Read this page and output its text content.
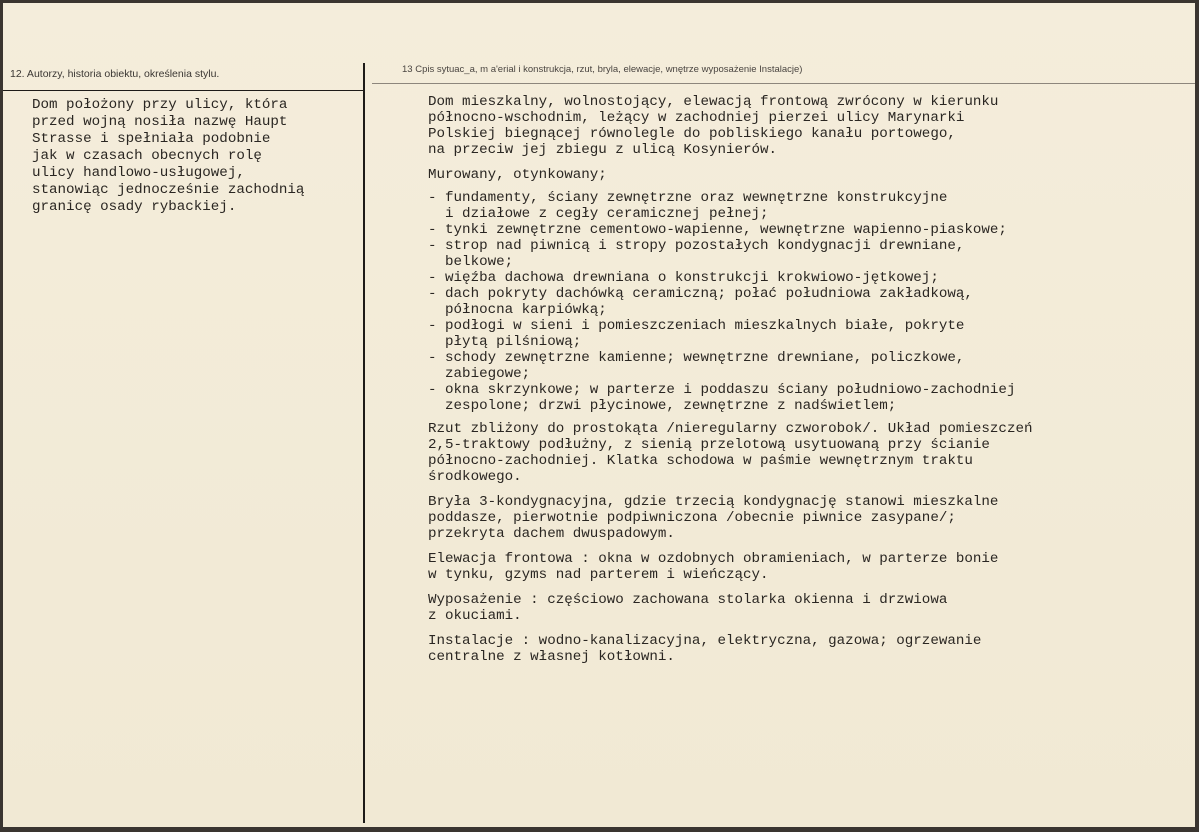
12. Autorzy, historia obiektu, określenia stylu.	13 Cpis sytuac_a, m a'erial i konstrukcja, rzut, bryla, elewacje, wnętrze wyposażenie Instalacje)
Dom położony przy ulicy, która
przed wojną nosiła nazwę Haupt
Strasse i spełniała podobnie
jak w czasach obecnych rolę
ulicy handlowo-usługowej,
stanowiąc jednocześnie zachodnią
granicę osady rybackiej.

Dom mieszkalny, wolnostojący, elewacją frontową zwrócony w kierunku
północno-wschodnim, leżący w zachodniej pierzei ulicy Marynarki
Polskiej biegnącej równolegle do pobliskiego kanału portowego,
na przeciw jej zbiegu z ulicą Kosynierów.

Murowany, otynkowany;

- fundamenty, ściany zewnętrzne oraz wewnętrzne konstrukcyjne
i działowe z cegły ceramicznej pełnej;
- tynki zewnętrzne cementowo-wapienne, wewnętrzne wapienno-piaskowe;
- strop nad piwnicą i stropy pozostałych kondygnacji drewniane,
belkowe;
- więźba dachowa drewniana o konstrukcji krokwiowo-jętkowej;
- dach pokryty dachówką ceramiczną; połać południowa zakładkową,
północna karpiówką;
- podłogi w sieni i pomieszczeniach mieszkalnych białe, pokryte
płytą pilśniową;
- schody zewnętrzne kamienne; wewnętrzne drewniane, policzkowe,
zabiegowe;
- okna skrzynkowe; w parterze i poddaszu ściany południowo-zachodniej
zespolone; drzwi płycinowe, zewnętrzne z nadświetlem;

Rzut zbliżony do prostokąta /nieregularny czworobok/. Układ pomieszczeń
2,5-traktowy podłużny, z sienią przelotową usytuowaną przy ścianie
północno-zachodniej. Klatka schodowa w paśmie wewnętrznym traktu
środkowego.

Bryła 3-kondygnacyjna, gdzie trzecią kondygnację stanowi mieszkalne
poddasze, pierwotnie podpiwniczona /obecnie piwnice zasypane/;
przekryta dachem dwuspadowym.

Elewacja frontowa : okna w ozdobnych obramieniach, w parterze bonie
w tynku, gzyms nad parterem i wieńczący.

Wyposażenie : częściowo zachowana stolarka okienna i drzwiowa
z okuciami.

Instalacje : wodno-kanalizacyjna, elektryczna, gazowa; ogrzewanie
centralne z własnej kotłowni.
